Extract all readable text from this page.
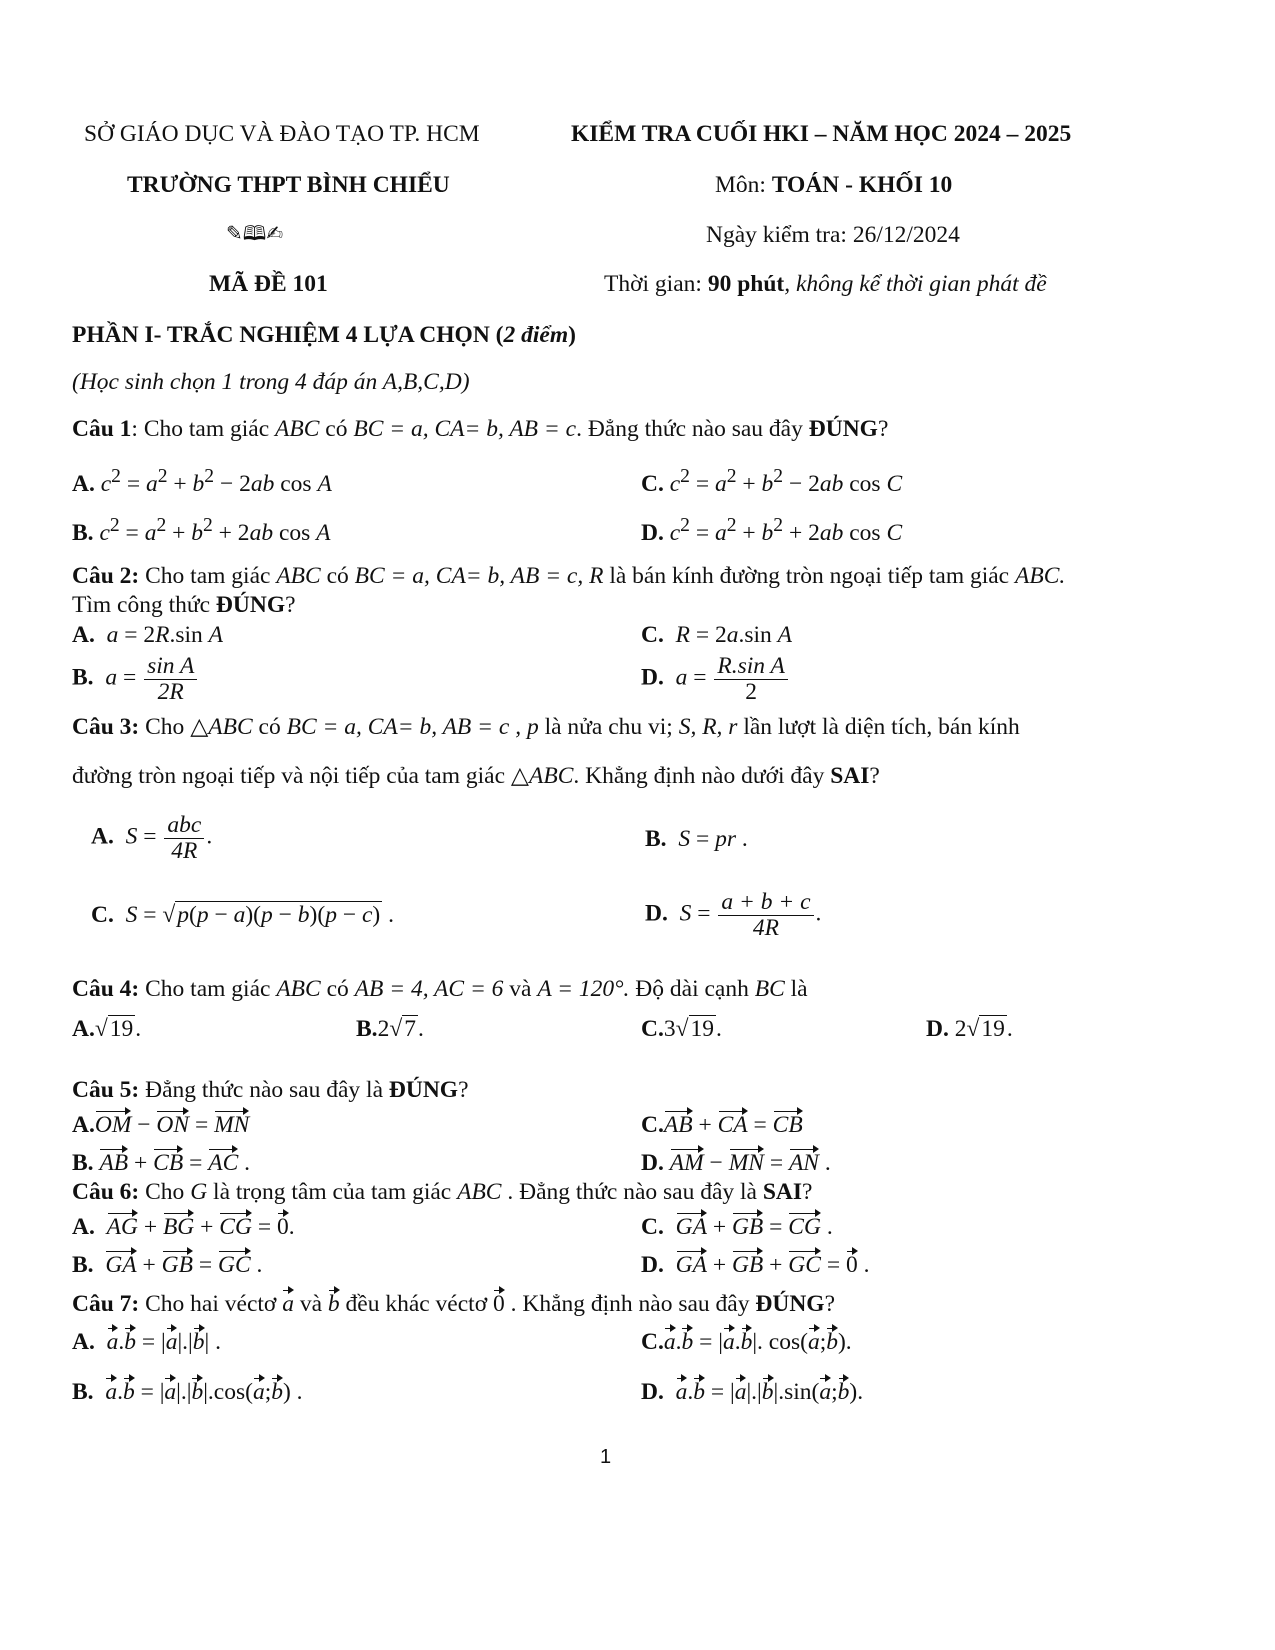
SỞ GIÁO DỤC VÀ ĐÀO TẠO TP. HCM	KIỂM TRA CUỐI HKI – NĂM HỌC 2024 – 2025
TRƯỜNG THPT BÌNH CHIỂU	Môn: TOÁN - KHỐI 10
✎🕮✍	Ngày kiểm tra: 26/12/2024
MÃ ĐỀ 101	Thời gian: 90 phút, không kể thời gian phát đề
PHẦN I- TRẮC NGHIỆM 4 LỰA CHỌN (2 điểm)
(Học sinh chọn 1 trong 4 đáp án A,B,C,D)
Câu 1: Cho tam giác ABC có BC = a, CA= b, AB = c. Đẳng thức nào sau đây ĐÚNG?
A. $c^2 = a^2 + b^2 - 2ab$ cos A	C. $c^2 = a^2 + b^2 - 2ab$ cos C
B. $c^2 = a^2 + b^2 + 2ab$ cos A	D. $c^2 = a^2 + b^2 + 2ab$ cos C
Câu 2: Cho tam giác ABC có BC = a, CA= b, AB = c, R là bán kính đường tròn ngoại tiếp tam giác ABC.
Tìm công thức ĐÚNG?
A. a = 2R.sin A	C. R = 2a.sin A
B. $a = \frac{\text{sin A}}{2R}$	D. $a = \frac{\text{R.sin A}}{2}$
Câu 3: Cho △ABC có BC = a, CA= b, AB = c , p là nửa chu vi; S, R, r lần lượt là diện tích, bán kính
đường tròn ngoại tiếp và nội tiếp của tam giác △ABC. Khẳng định nào dưới đây SAI?
A. $S = \frac{\text{abc}}{4R}$ .	B. S = pr .
C. S = √p(p − a)(p − b)(p − c) .	D. $S = \frac{a + b + c}{4R}$ .
Câu 4: Cho tam giác ABC có AB = 4, AC = 6 và A = 120°. Độ dài cạnh BC là
A.√19.	B.2√7.	C.3√19.	D. 2√19.
Câu 5: Đẳng thức nào sau đây là ĐÚNG?
A.OM − ON = MN	C.AB + CA = CB
B. AB + CB = AC .	D. AM − MN = AN .
Câu 6: Cho G là trọng tâm của tam giác ABC . Đẳng thức nào sau đây là SAI?
A. AG + BG + CG = 0.	C. GA + GB = CG .
B. GA + GB = GC .	D. GA + GB + GC = 0 .
Câu 7: Cho hai véctơ a và b đều khác véctơ 0 . Khẳng định nào sau đây ĐÚNG?
A. a.b = |a|.|b| .	C.a.b = |a.b|. cos(a;b).
B. a.b = |a|.|b|.cos(a;b) .	D. a.b = |a|.|b|.sin(a;b).
1
